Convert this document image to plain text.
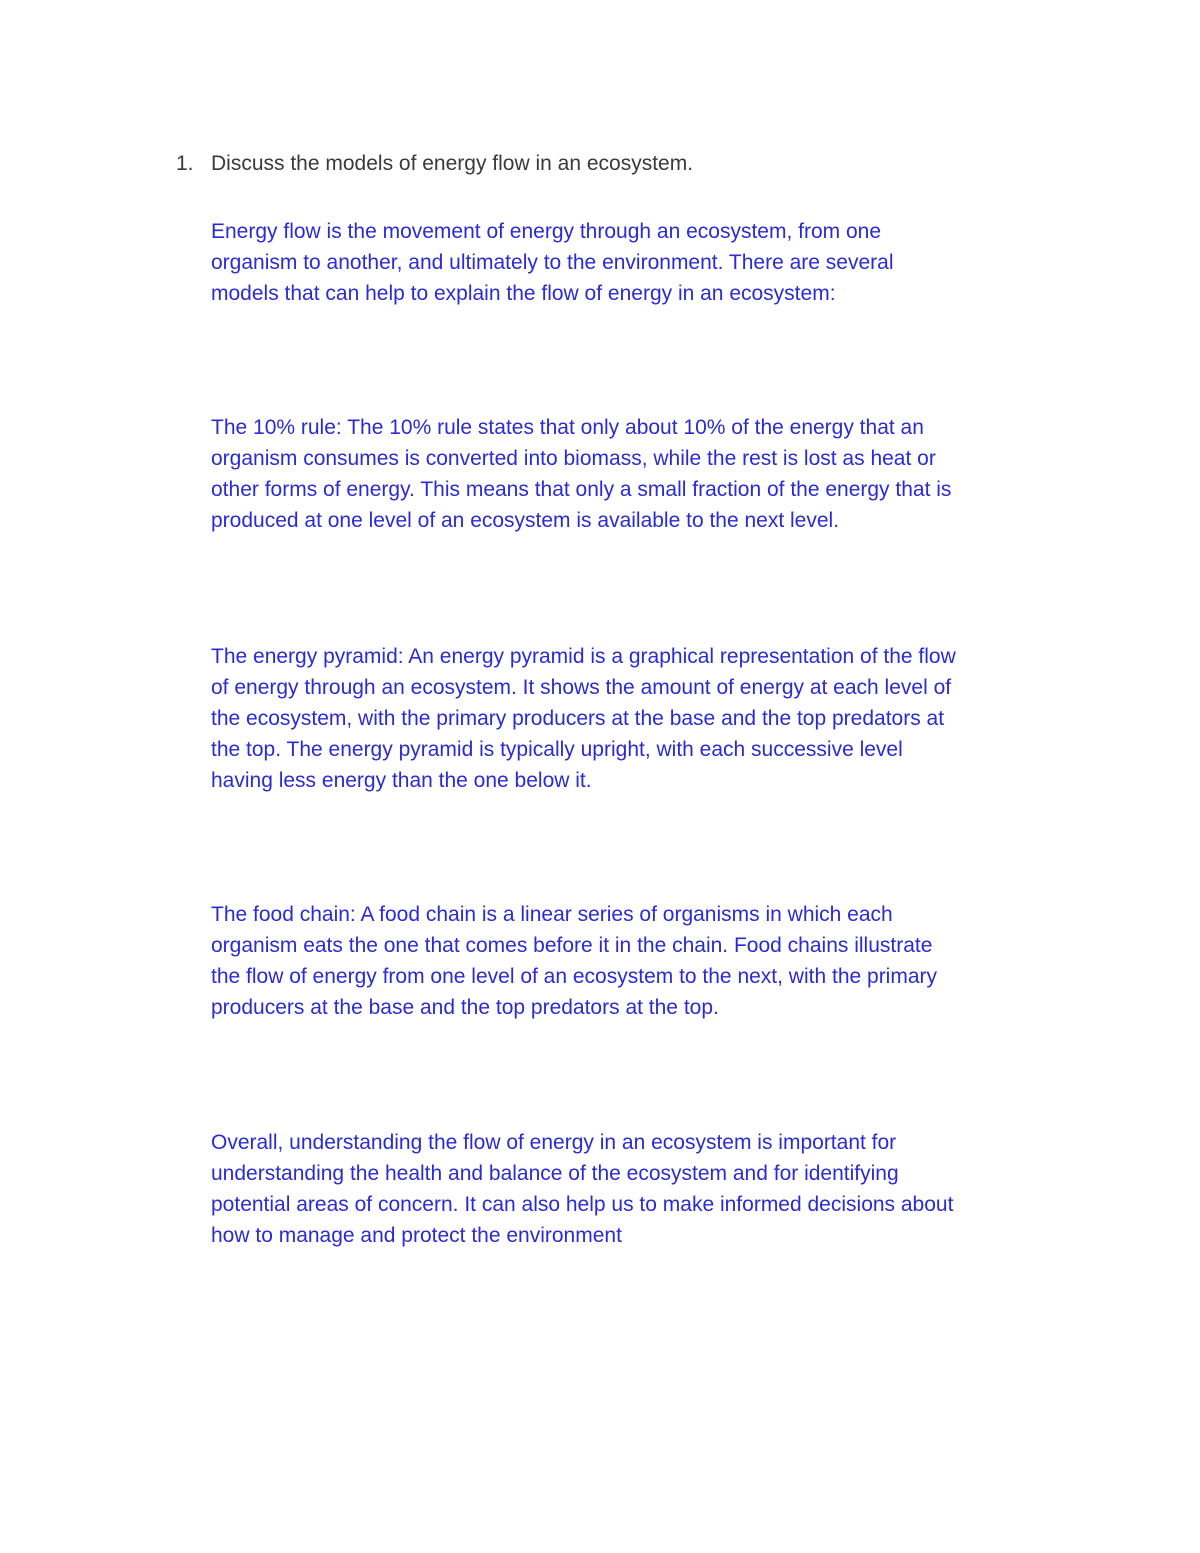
1. Discuss the models of energy flow in an ecosystem.

Energy flow is the movement of energy through an ecosystem, from one
organism to another, and ultimately to the environment. There are several
models that can help to explain the flow of energy in an ecosystem:

The 10% rule: The 10% rule states that only about 10% of the energy that an
organism consumes is converted into biomass, while the rest is lost as heat or
other forms of energy. This means that only a small fraction of the energy that is
produced at one level of an ecosystem is available to the next level.

The energy pyramid: An energy pyramid is a graphical representation of the flow
of energy through an ecosystem. It shows the amount of energy at each level of
the ecosystem, with the primary producers at the base and the top predators at
the top. The energy pyramid is typically upright, with each successive level
having less energy than the one below it.

The food chain: A food chain is a linear series of organisms in which each
organism eats the one that comes before it in the chain. Food chains illustrate
the flow of energy from one level of an ecosystem to the next, with the primary
producers at the base and the top predators at the top.

Overall, understanding the flow of energy in an ecosystem is important for
understanding the health and balance of the ecosystem and for identifying
potential areas of concern. It can also help us to make informed decisions about
how to manage and protect the environment
